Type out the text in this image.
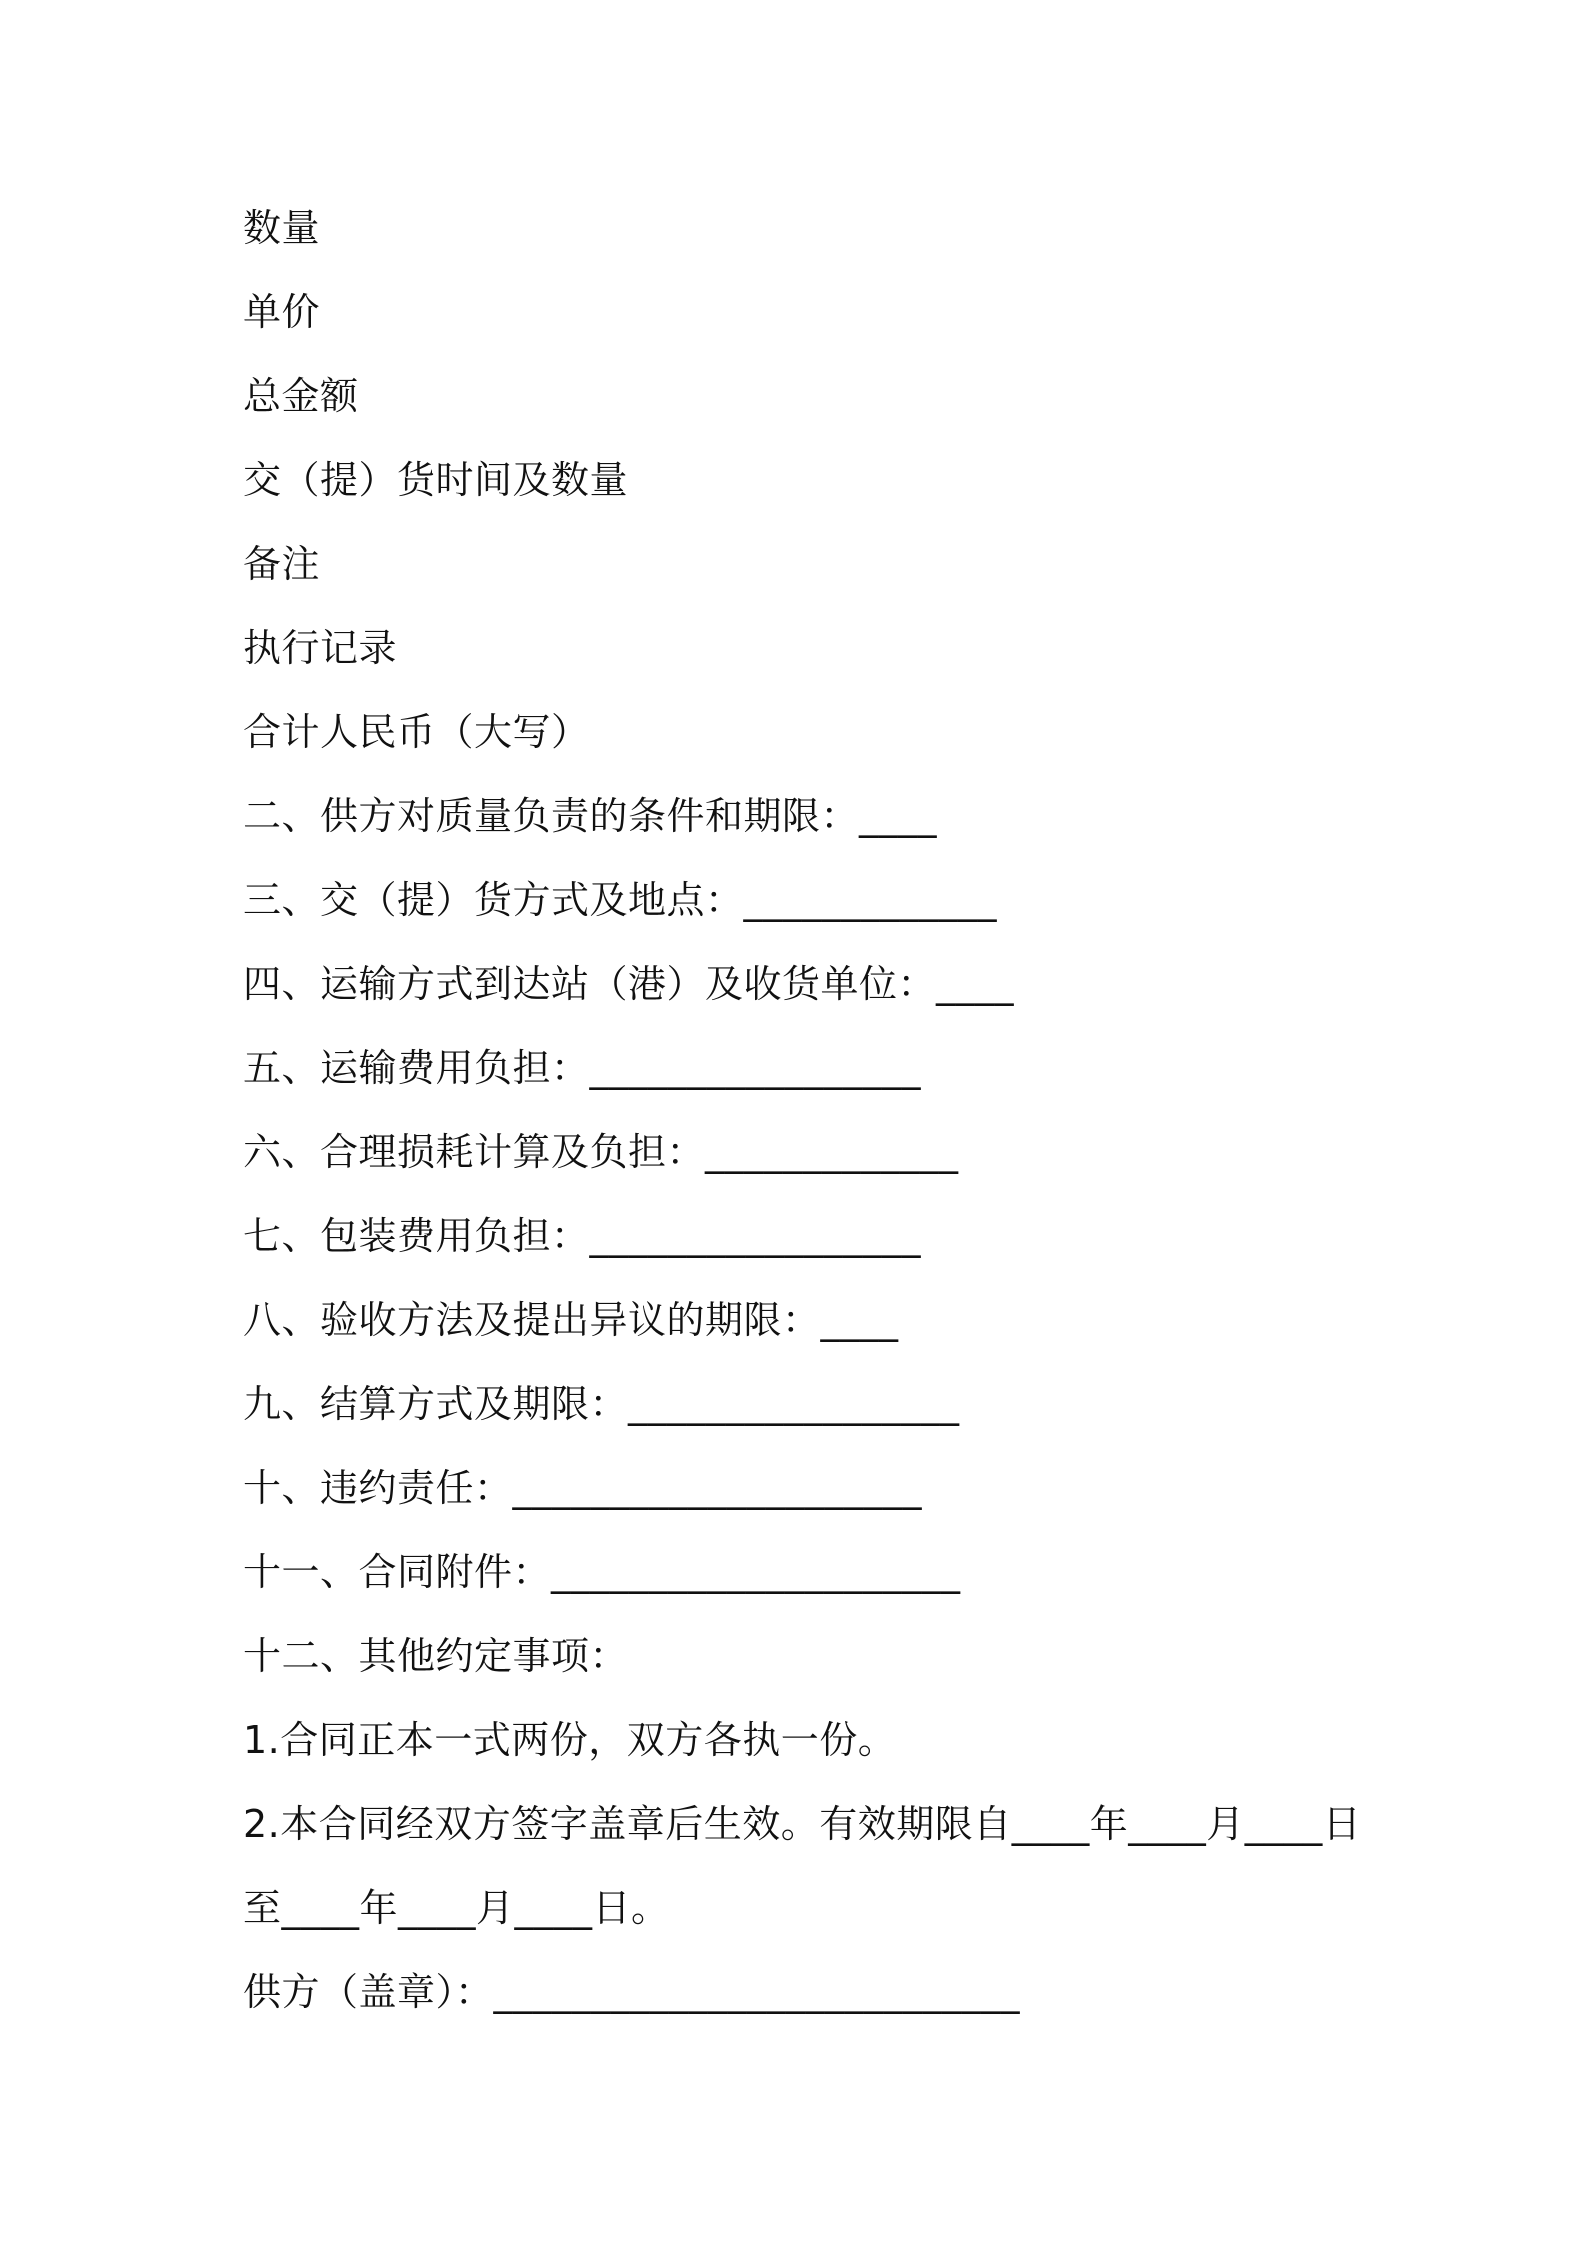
数量
单价
总金额
交（提）货时间及数量
备注
执行记录
合计人民币（大写）
二、供方对质量负责的条件和期限：____
三、交（提）货方式及地点：_____________
四、运输方式到达站（港）及收货单位：____
五、运输费用负担：_________________
六、合理损耗计算及负担：_____________
七、包装费用负担：_________________
八、验收方法及提出异议的期限：____
九、结算方式及期限：_________________
十、违约责任：_____________________
十一、合同附件：_____________________
十二、其他约定事项：
1.合同正本一式两份，双方各执一份。
2.本合同经双方签字盖章后生效。有效期限自____年____月____日
至____年____月____日。
供方（盖章）：___________________________
